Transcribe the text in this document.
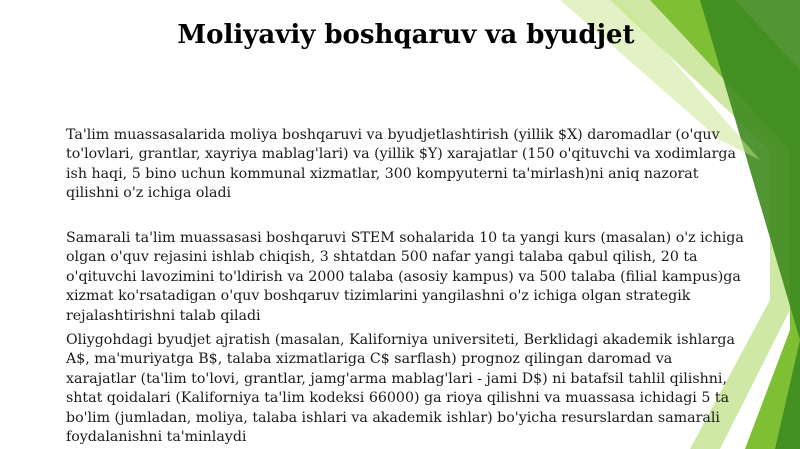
Moliyaviy boshqaruv va byudjet
Ta'lim muassasalarida moliya boshqaruvi va byudjetlashtirish (yillik $X) daromadlar (o'quv to'lovlari, grantlar, xayriya mablag'lari) va (yillik $Y) xarajatlar (150 o'qituvchi va xodimlarga ish haqi, 5 bino uchun kommunal xizmatlar, 300 kompyuterni ta'mirlash)ni aniq nazorat qilishni o'z ichiga oladi
Samarali ta'lim muassasasi boshqaruvi STEM sohalarida 10 ta yangi kurs (masalan) o'z ichiga olgan o'quv rejasini ishlab chiqish, 3 shtatdan 500 nafar yangi talaba qabul qilish, 20 ta o'qituvchi lavozimini to'ldirish va 2000 talaba (asosiy kampus) va 500 talaba (filial kampus)ga xizmat ko'rsatadigan o'quv boshqaruv tizimlarini yangilashni o'z ichiga olgan strategik rejalashtirishni talab qiladi
Oliygohdagi byudjet ajratish (masalan, Kaliforniya universiteti, Berklidagi akademik ishlarga A$, ma'muriyatga B$, talaba xizmatlariga C$ sarflash) prognoz qilingan daromad va xarajatlar (ta'lim to'lovi, grantlar, jamg'arma mablag'lari - jami D$) ni batafsil tahlil qilishni, shtat qoidalari (Kaliforniya ta'lim kodeksi 66000) ga rioya qilishni va muassasa ichidagi 5 ta bo'lim (jumladan, moliya, talaba ishlari va akademik ishlar) bo'yicha resurslardan samarali foydalanishni ta'minlaydi
